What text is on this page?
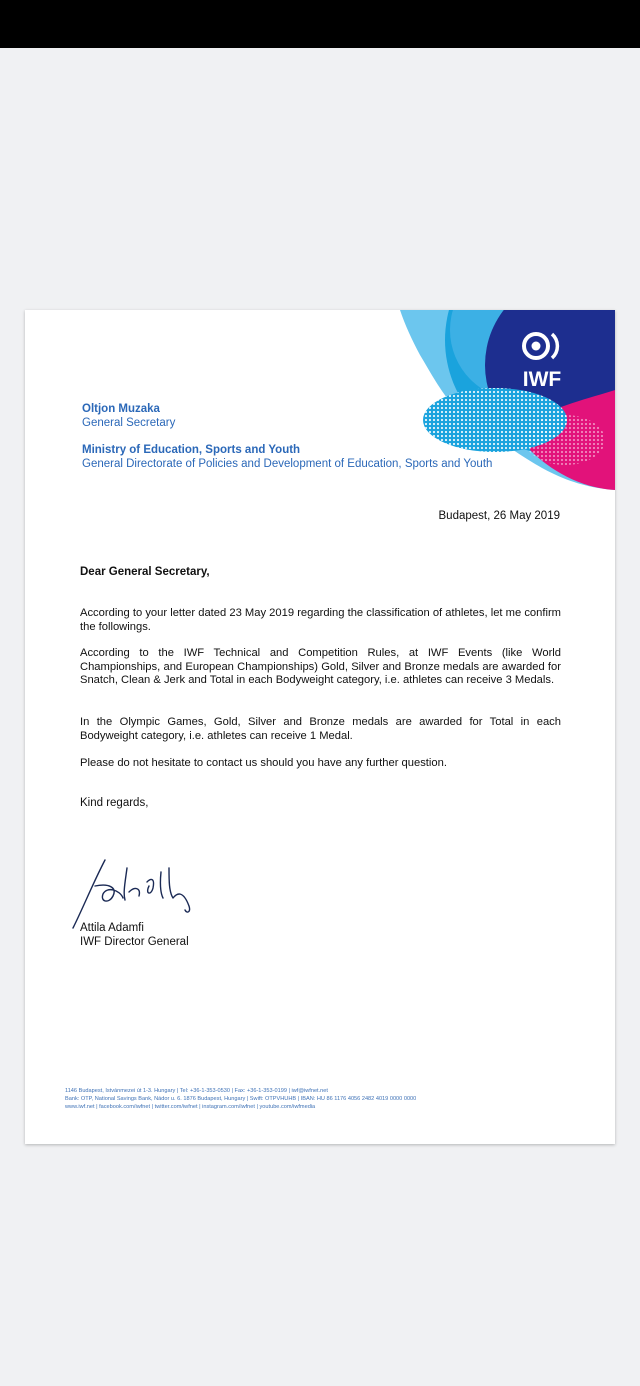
IWF
Oltjon Muzaka
General Secretary
Ministry of Education, Sports and Youth
General Directorate of Policies and Development of Education, Sports and Youth
Budapest, 26 May 2019
Dear General Secretary,
According to your letter dated 23 May 2019 regarding the classification of athletes, let me confirm the followings.
According to the IWF Technical and Competition Rules, at IWF Events (like World Championships, and European Championships) Gold, Silver and Bronze medals are awarded for Snatch, Clean & Jerk and Total in each Bodyweight category, i.e. athletes can receive 3 Medals.
In the Olympic Games, Gold, Silver and Bronze medals are awarded for Total in each Bodyweight category, i.e. athletes can receive 1 Medal.
Please do not hesitate to contact us should you have any further question.
Kind regards,
Attila Adamfi
IWF Director General

1146 Budapest, Istvánmezei út 1-3. Hungary | Tel: +36-1-353-0530 | Fax: +36-1-353-0199 | iwf@iwfnet.net

Bank: OTP, National Savings Bank, Nádor u. 6. 1876 Budapest, Hungary | Swift: OTPVHUHB | IBAN: HU 86 1176 4056 2482 4019 0000 0000

www.iwf.net | facebook.com/iwfnet | twitter.com/iwfnet | instagram.com/iwfnet | youtube.com/iwfmedia
